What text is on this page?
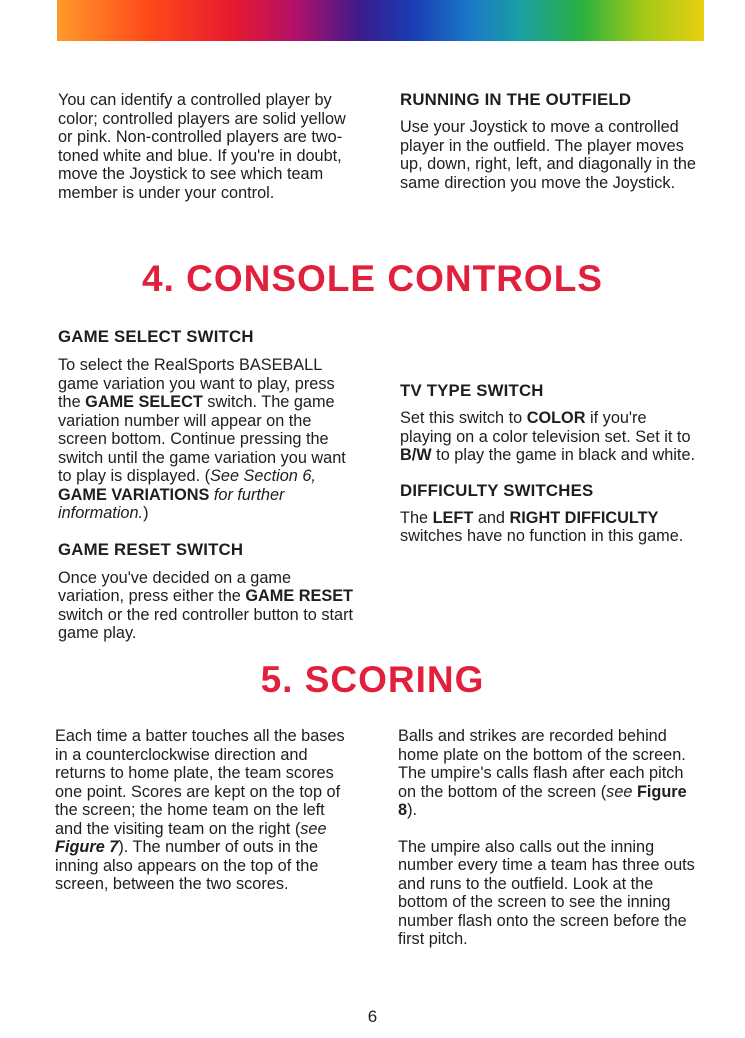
You can identify a controlled player by color; controlled players are solid yellow or pink. Non-controlled players are two-toned white and blue. If you're in doubt, move the Joystick to see which team member is under your control.

RUNNING IN THE OUTFIELD

Use your Joystick to move a controlled player in the outfield. The player moves up, down, right, left, and diagonally in the same direction you move the Joystick.

4. CONSOLE CONTROLS
GAME SELECT SWITCH

To select the RealSports BASEBALL game variation you want to play, press the GAME SELECT switch. The game variation number will appear on the screen bottom. Continue pressing the switch until the game variation you want to play is displayed. (See Section 6, GAME VARIATIONS for further information.)

GAME RESET SWITCH

Once you've decided on a game variation, press either the GAME RESET switch or the red controller button to start game play.

TV TYPE SWITCH

Set this switch to COLOR if you're playing on a color television set. Set it to B/W to play the game in black and white.

DIFFICULTY SWITCHES

The LEFT and RIGHT DIFFICULTY switches have no function in this game.

5. SCORING

Each time a batter touches all the bases in a counterclockwise direction and returns to home plate, the team scores one point. Scores are kept on the top of the screen; the home team on the left and the visiting team on the right (see Figure 7). The number of outs in the inning also appears on the top of the screen, between the two scores.

Balls and strikes are recorded behind home plate on the bottom of the screen. The umpire's calls flash after each pitch on the bottom of the screen (see Figure 8).

The umpire also calls out the inning number every time a team has three outs and runs to the outfield. Look at the bottom of the screen to see the inning number flash onto the screen before the first pitch.

6
